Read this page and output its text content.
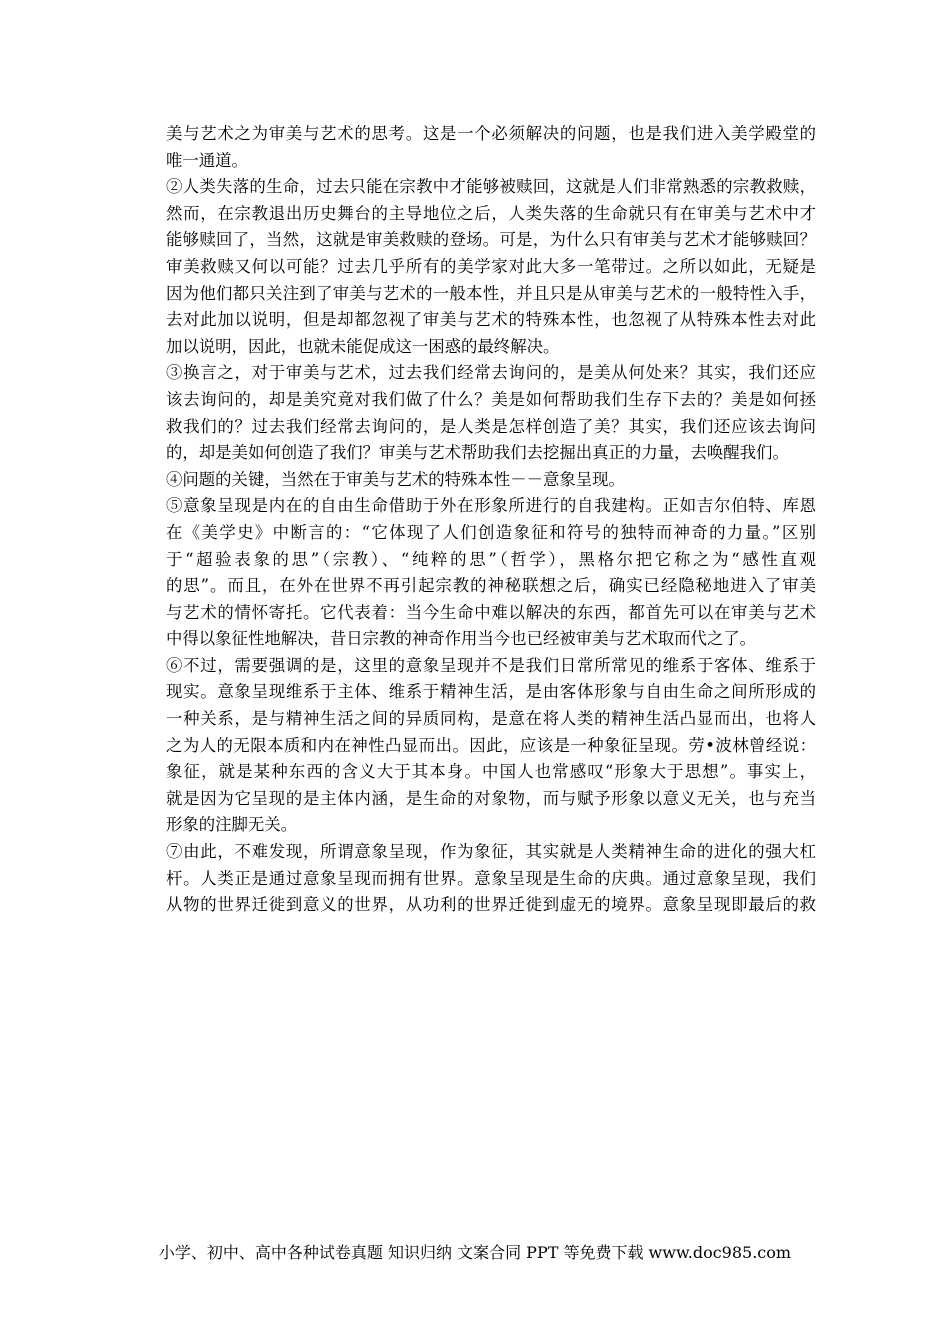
美与艺术之为审美与艺术的思考。这是一个必须解决的问题，也是我们进入美学殿堂的
唯一通道。
②人类失落的生命，过去只能在宗教中才能够被赎回，这就是人们非常熟悉的宗教救赎，
然而，在宗教退出历史舞台的主导地位之后，人类失落的生命就只有在审美与艺术中才
能够赎回了，当然，这就是审美救赎的登场。可是，为什么只有审美与艺术才能够赎回？
审美救赎又何以可能？过去几乎所有的美学家对此大多一笔带过。之所以如此，无疑是
因为他们都只关注到了审美与艺术的一般本性，并且只是从审美与艺术的一般特性入手，
去对此加以说明，但是却都忽视了审美与艺术的特殊本性，也忽视了从特殊本性去对此
加以说明，因此，也就未能促成这一困惑的最终解决。
③换言之，对于审美与艺术，过去我们经常去询问的，是美从何处来？其实，我们还应
该去询问的，却是美究竟对我们做了什么？美是如何帮助我们生存下去的？美是如何拯
救我们的？过去我们经常去询问的，是人类是怎样创造了美？其实，我们还应该去询问
的，却是美如何创造了我们？审美与艺术帮助我们去挖掘出真正的力量，去唤醒我们。
④问题的关键，当然在于审美与艺术的特殊本性－－意象呈现。
⑤意象呈现是内在的自由生命借助于外在形象所进行的自我建构。正如吉尔伯特、库恩
在《美学史》中断言的：“它体现了人们创造象征和符号的独特而神奇的力量。”区别
于“超验表象的思”（宗教）、“纯粹的思”（哲学），黑格尔把它称之为“感性直观
的思”。而且，在外在世界不再引起宗教的神秘联想之后，确实已经隐秘地进入了审美
与艺术的情怀寄托。它代表着：当今生命中难以解决的东西，都首先可以在审美与艺术
中得以象征性地解决，昔日宗教的神奇作用当今也已经被审美与艺术取而代之了。
⑥不过，需要强调的是，这里的意象呈现并不是我们日常所常见的维系于客体、维系于
现实。意象呈现维系于主体、维系于精神生活，是由客体形象与自由生命之间所形成的
一种关系，是与精神生活之间的异质同构，是意在将人类的精神生活凸显而出，也将人
之为人的无限本质和内在神性凸显而出。因此，应该是一种象征呈现。劳•波林曾经说：
象征，就是某种东西的含义大于其本身。中国人也常感叹“形象大于思想”。事实上，
就是因为它呈现的是主体内涵，是生命的对象物，而与赋予形象以意义无关，也与充当
形象的注脚无关。
⑦由此，不难发现，所谓意象呈现，作为象征，其实就是人类精神生命的进化的强大杠
杆。人类正是通过意象呈现而拥有世界。意象呈现是生命的庆典。通过意象呈现，我们
从物的世界迁徙到意义的世界，从功利的世界迁徙到虚无的境界。意象呈现即最后的救
小学、初中、高中各种试卷真题 知识归纳 文案合同 PPT 等免费下载 www.doc985.com
